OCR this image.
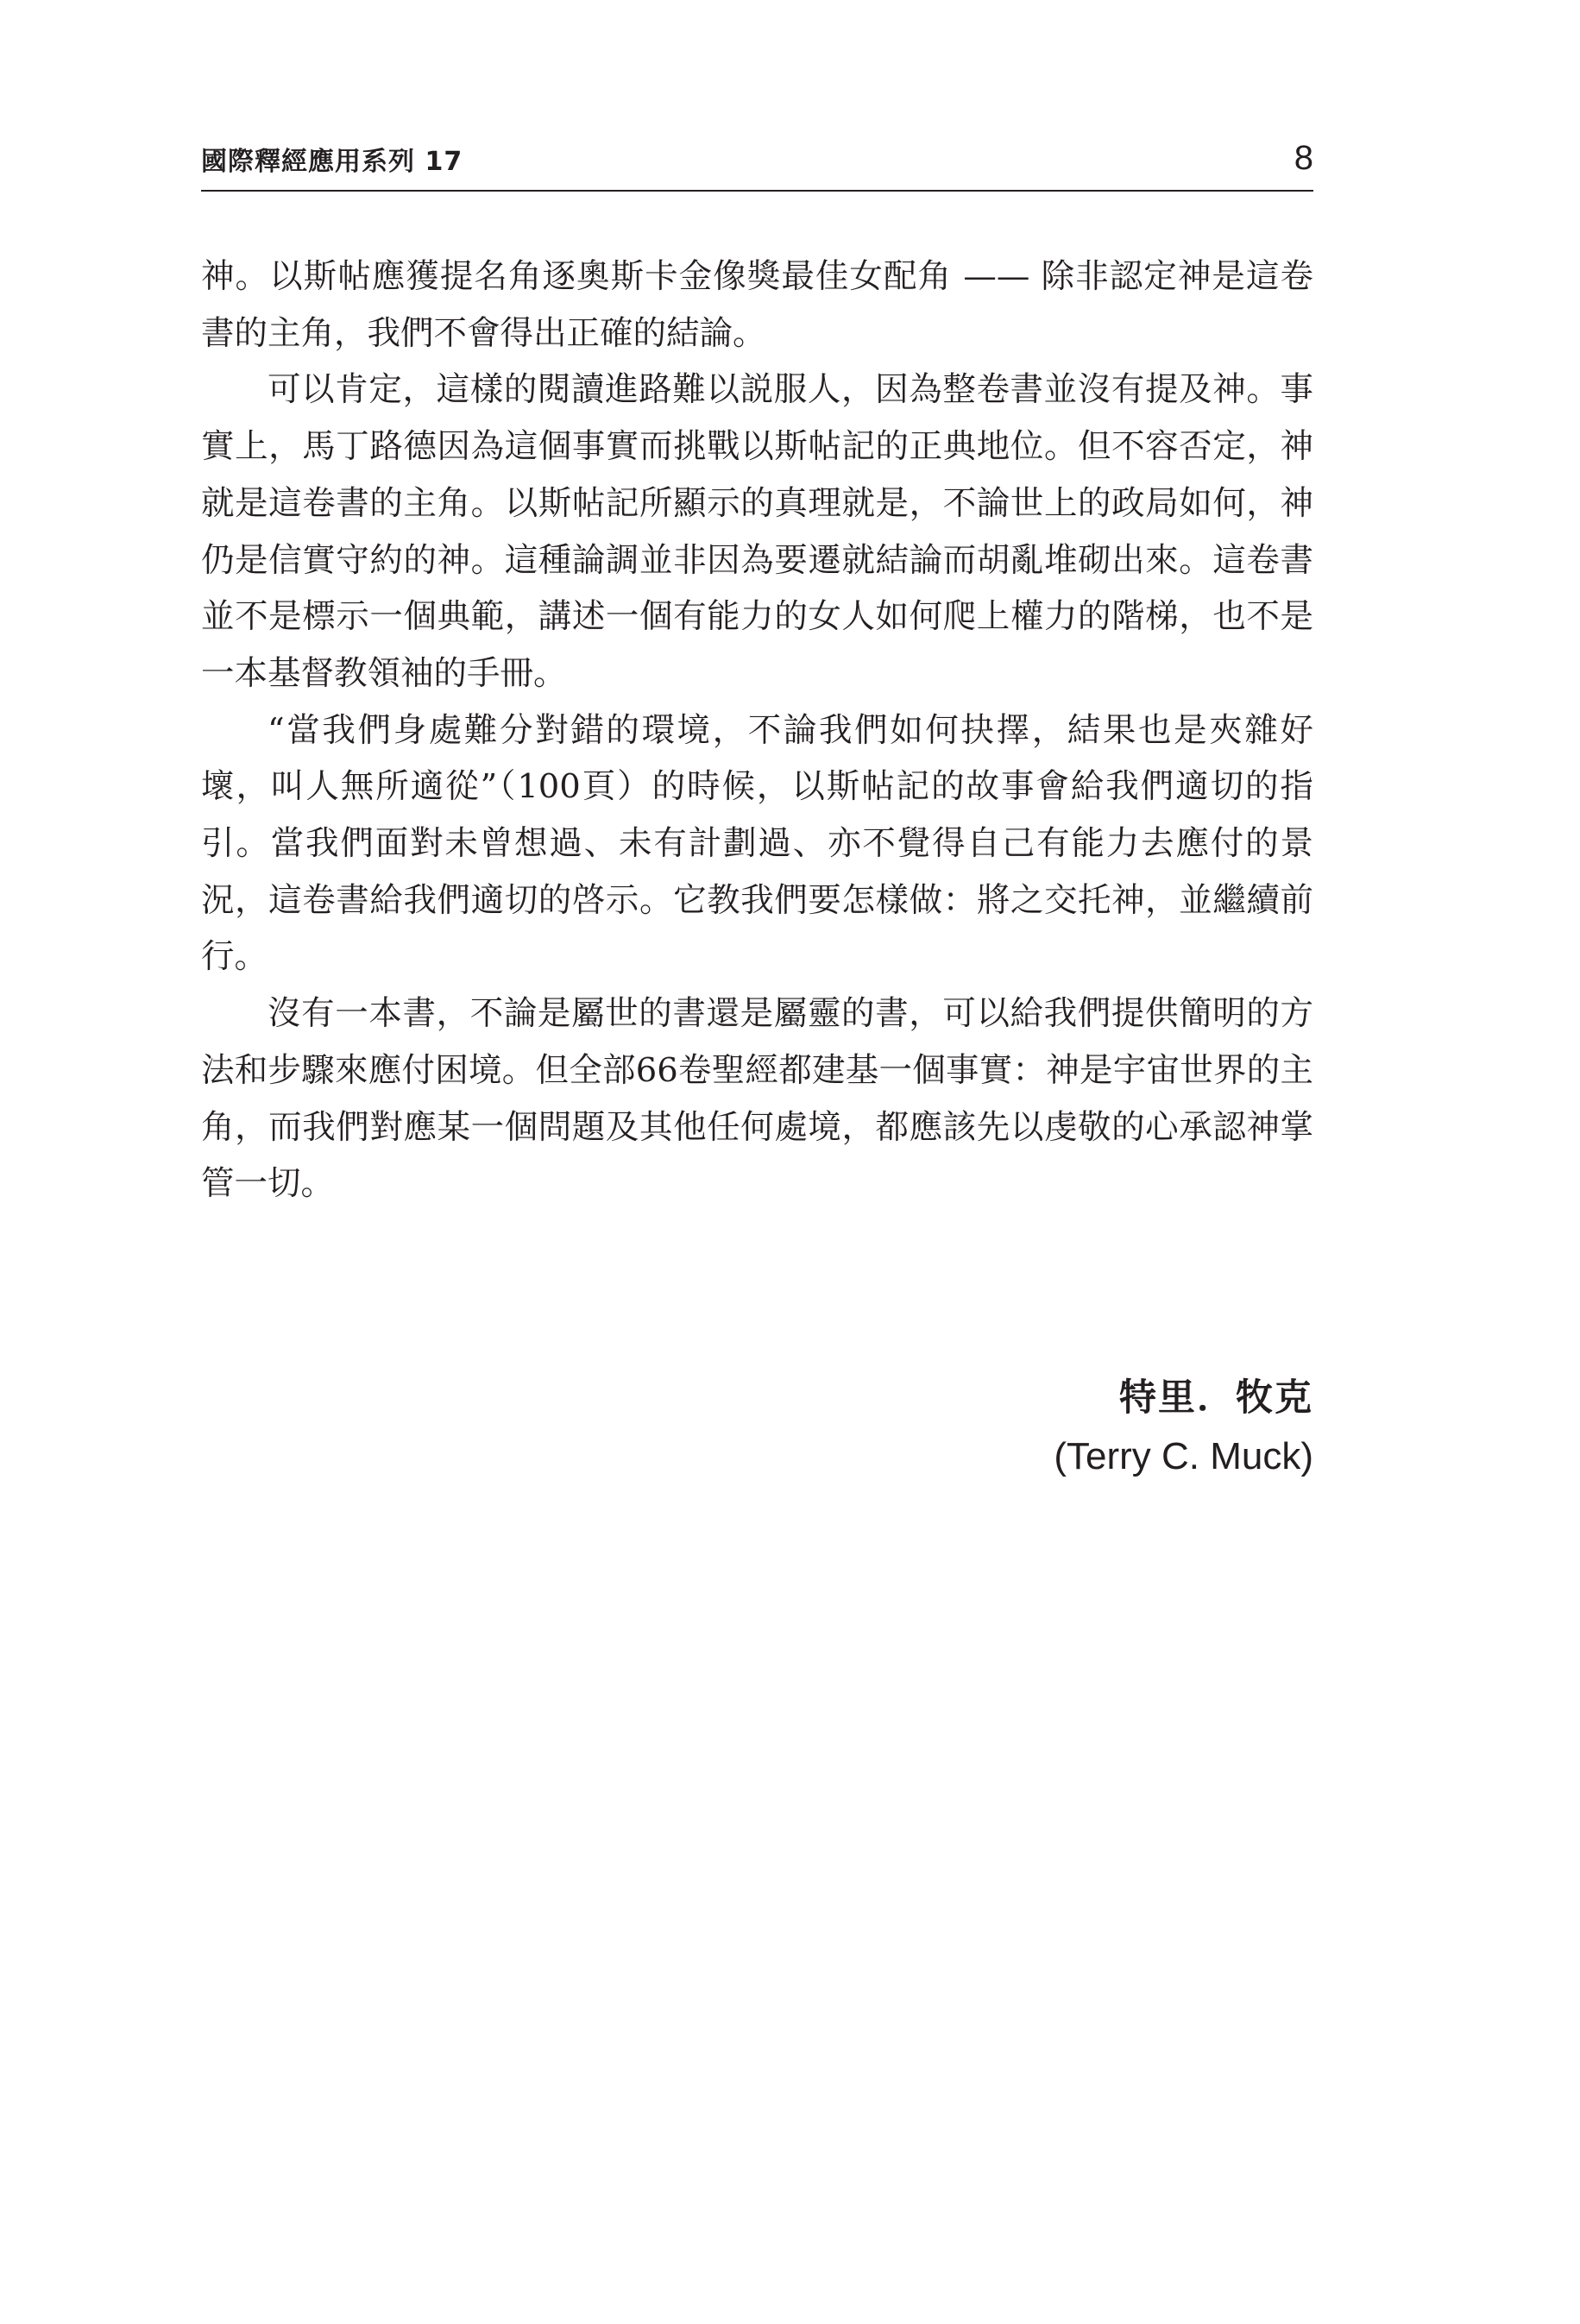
國際釋經應用系列 17	8

神。以斯帖應獲提名角逐奧斯卡金像獎最佳女配角 —— 除非認定神是這卷書的主角，我們不會得出正確的結論。

可以肯定，這樣的閱讀進路難以説服人，因為整卷書並沒有提及神。事實上，馬丁路德因為這個事實而挑戰以斯帖記的正典地位。但不容否定，神就是這卷書的主角。以斯帖記所顯示的真理就是，不論世上的政局如何，神仍是信實守約的神。這種論調並非因為要遷就結論而胡亂堆砌出來。這卷書並不是標示一個典範，講述一個有能力的女人如何爬上權力的階梯，也不是一本基督教領袖的手冊。

“當我們身處難分對錯的環境，不論我們如何抉擇，結果也是夾雜好壞，叫人無所適從”（100頁）的時候，以斯帖記的故事會給我們適切的指引。當我們面對未曾想過、未有計劃過、亦不覺得自己有能力去應付的景況，這卷書給我們適切的啓示。它教我們要怎樣做：將之交托神，並繼續前行。

沒有一本書，不論是屬世的書還是屬靈的書，可以給我們提供簡明的方法和步驟來應付困境。但全部66卷聖經都建基一個事實：神是宇宙世界的主角，而我們對應某一個問題及其他任何處境，都應該先以虔敬的心承認神掌管一切。

特里．牧克
(Terry C. Muck)
